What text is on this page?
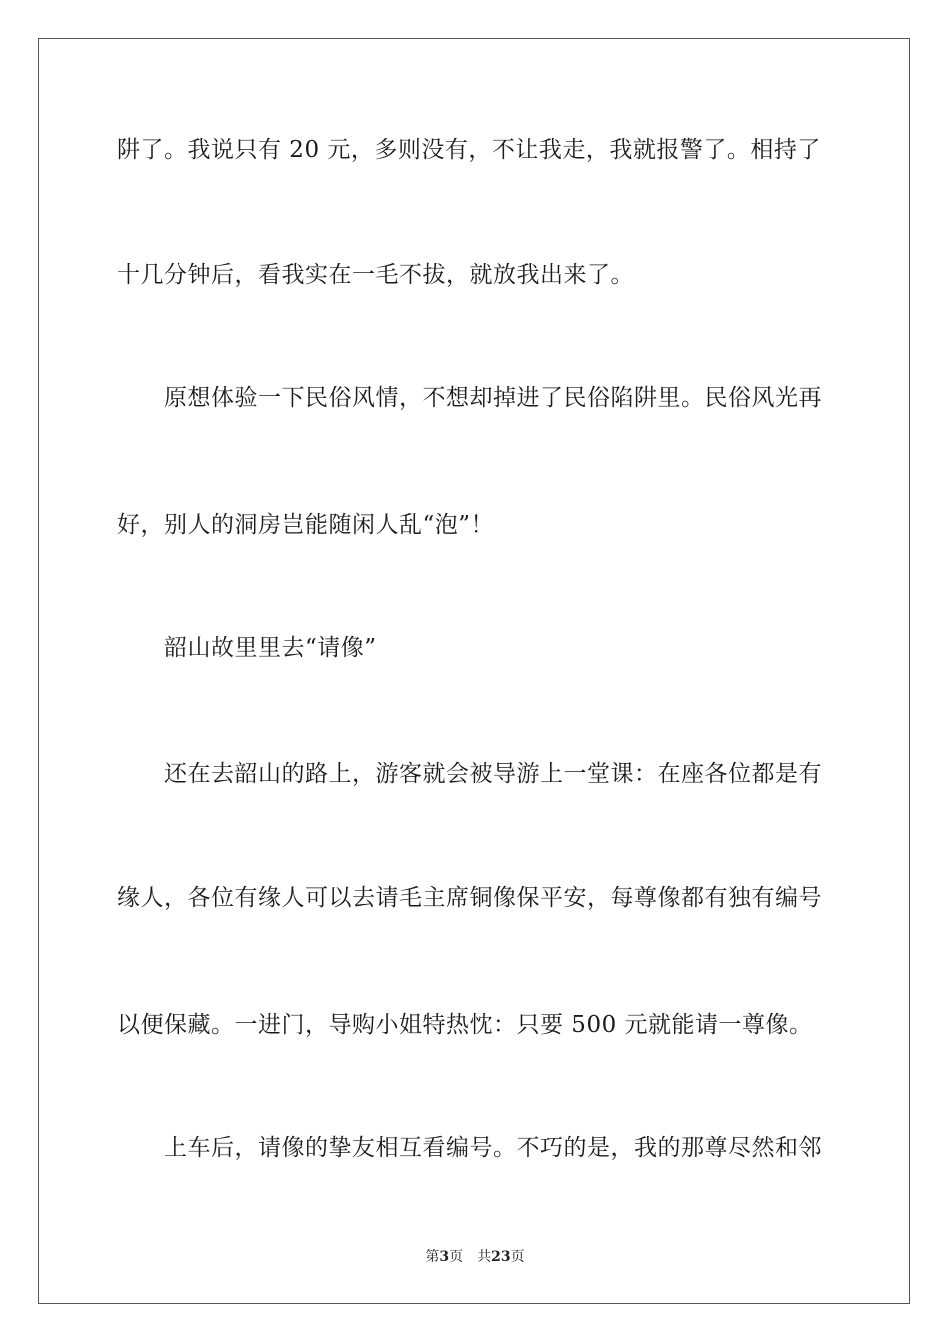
阱了。我说只有 20 元，多则没有，不让我走，我就报警了。相持了
十几分钟后，看我实在一毛不拔，就放我出来了。
原想体验一下民俗风情，不想却掉进了民俗陷阱里。民俗风光再
好，别人的洞房岂能随闲人乱“泡”！
韶山故里里去“请像”
还在去韶山的路上，游客就会被导游上一堂课：在座各位都是有
缘人，各位有缘人可以去请毛主席铜像保平安，每尊像都有独有编号
以便保藏。一进门，导购小姐特热忱：只要 500 元就能请一尊像。
上车后，请像的挚友相互看编号。不巧的是，我的那尊尽然和邻
第3页 共23页
